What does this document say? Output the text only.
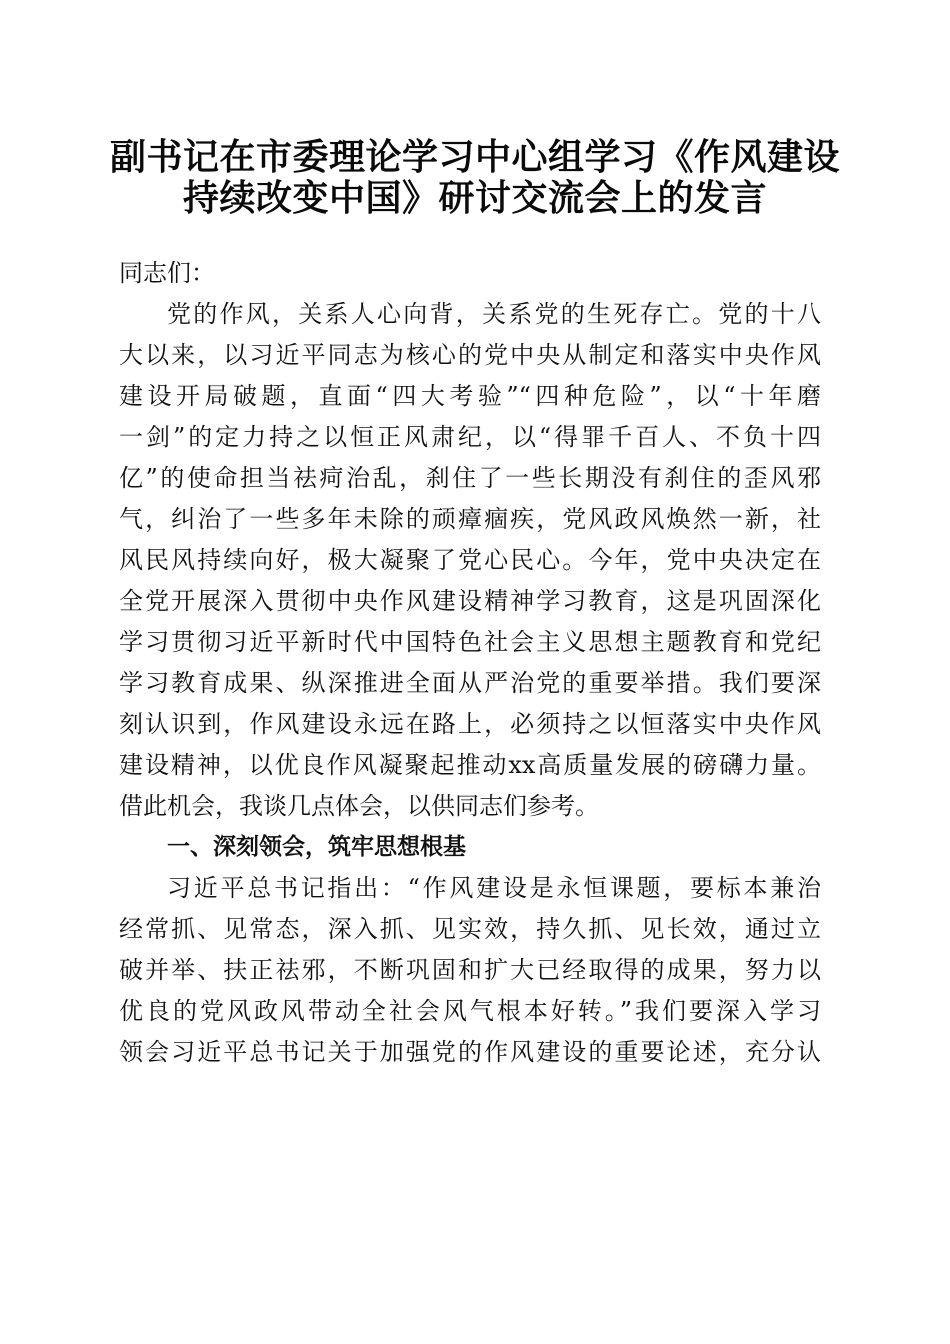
副书记在市委理论学习中心组学习《作风建设
持续改变中国》研讨交流会上的发言
同志们：
党的作风，关系人心向背，关系党的生死存亡。党的十八
大以来，以习近平同志为核心的党中央从制定和落实中央作风
建设开局破题，直面“四大考验”“四种危险”，以“十年磨
一剑”的定力持之以恒正风肃纪，以“得罪千百人、不负十四
亿”的使命担当祛疴治乱，刹住了一些长期没有刹住的歪风邪
气，纠治了一些多年未除的顽瘴痼疾，党风政风焕然一新，社
风民风持续向好，极大凝聚了党心民心。今年，党中央决定在
全党开展深入贯彻中央作风建设精神学习教育，这是巩固深化
学习贯彻习近平新时代中国特色社会主义思想主题教育和党纪
学习教育成果、纵深推进全面从严治党的重要举措。我们要深
刻认识到，作风建设永远在路上，必须持之以恒落实中央作风
建设精神，以优良作风凝聚起推动xx高质量发展的磅礴力量。
借此机会，我谈几点体会，以供同志们参考。
一、深刻领会，筑牢思想根基
习近平总书记指出：“作风建设是永恒课题，要标本兼治
经常抓、见常态，深入抓、见实效，持久抓、见长效，通过立
破并举、扶正祛邪，不断巩固和扩大已经取得的成果，努力以
优良的党风政风带动全社会风气根本好转。”我们要深入学习
领会习近平总书记关于加强党的作风建设的重要论述，充分认
